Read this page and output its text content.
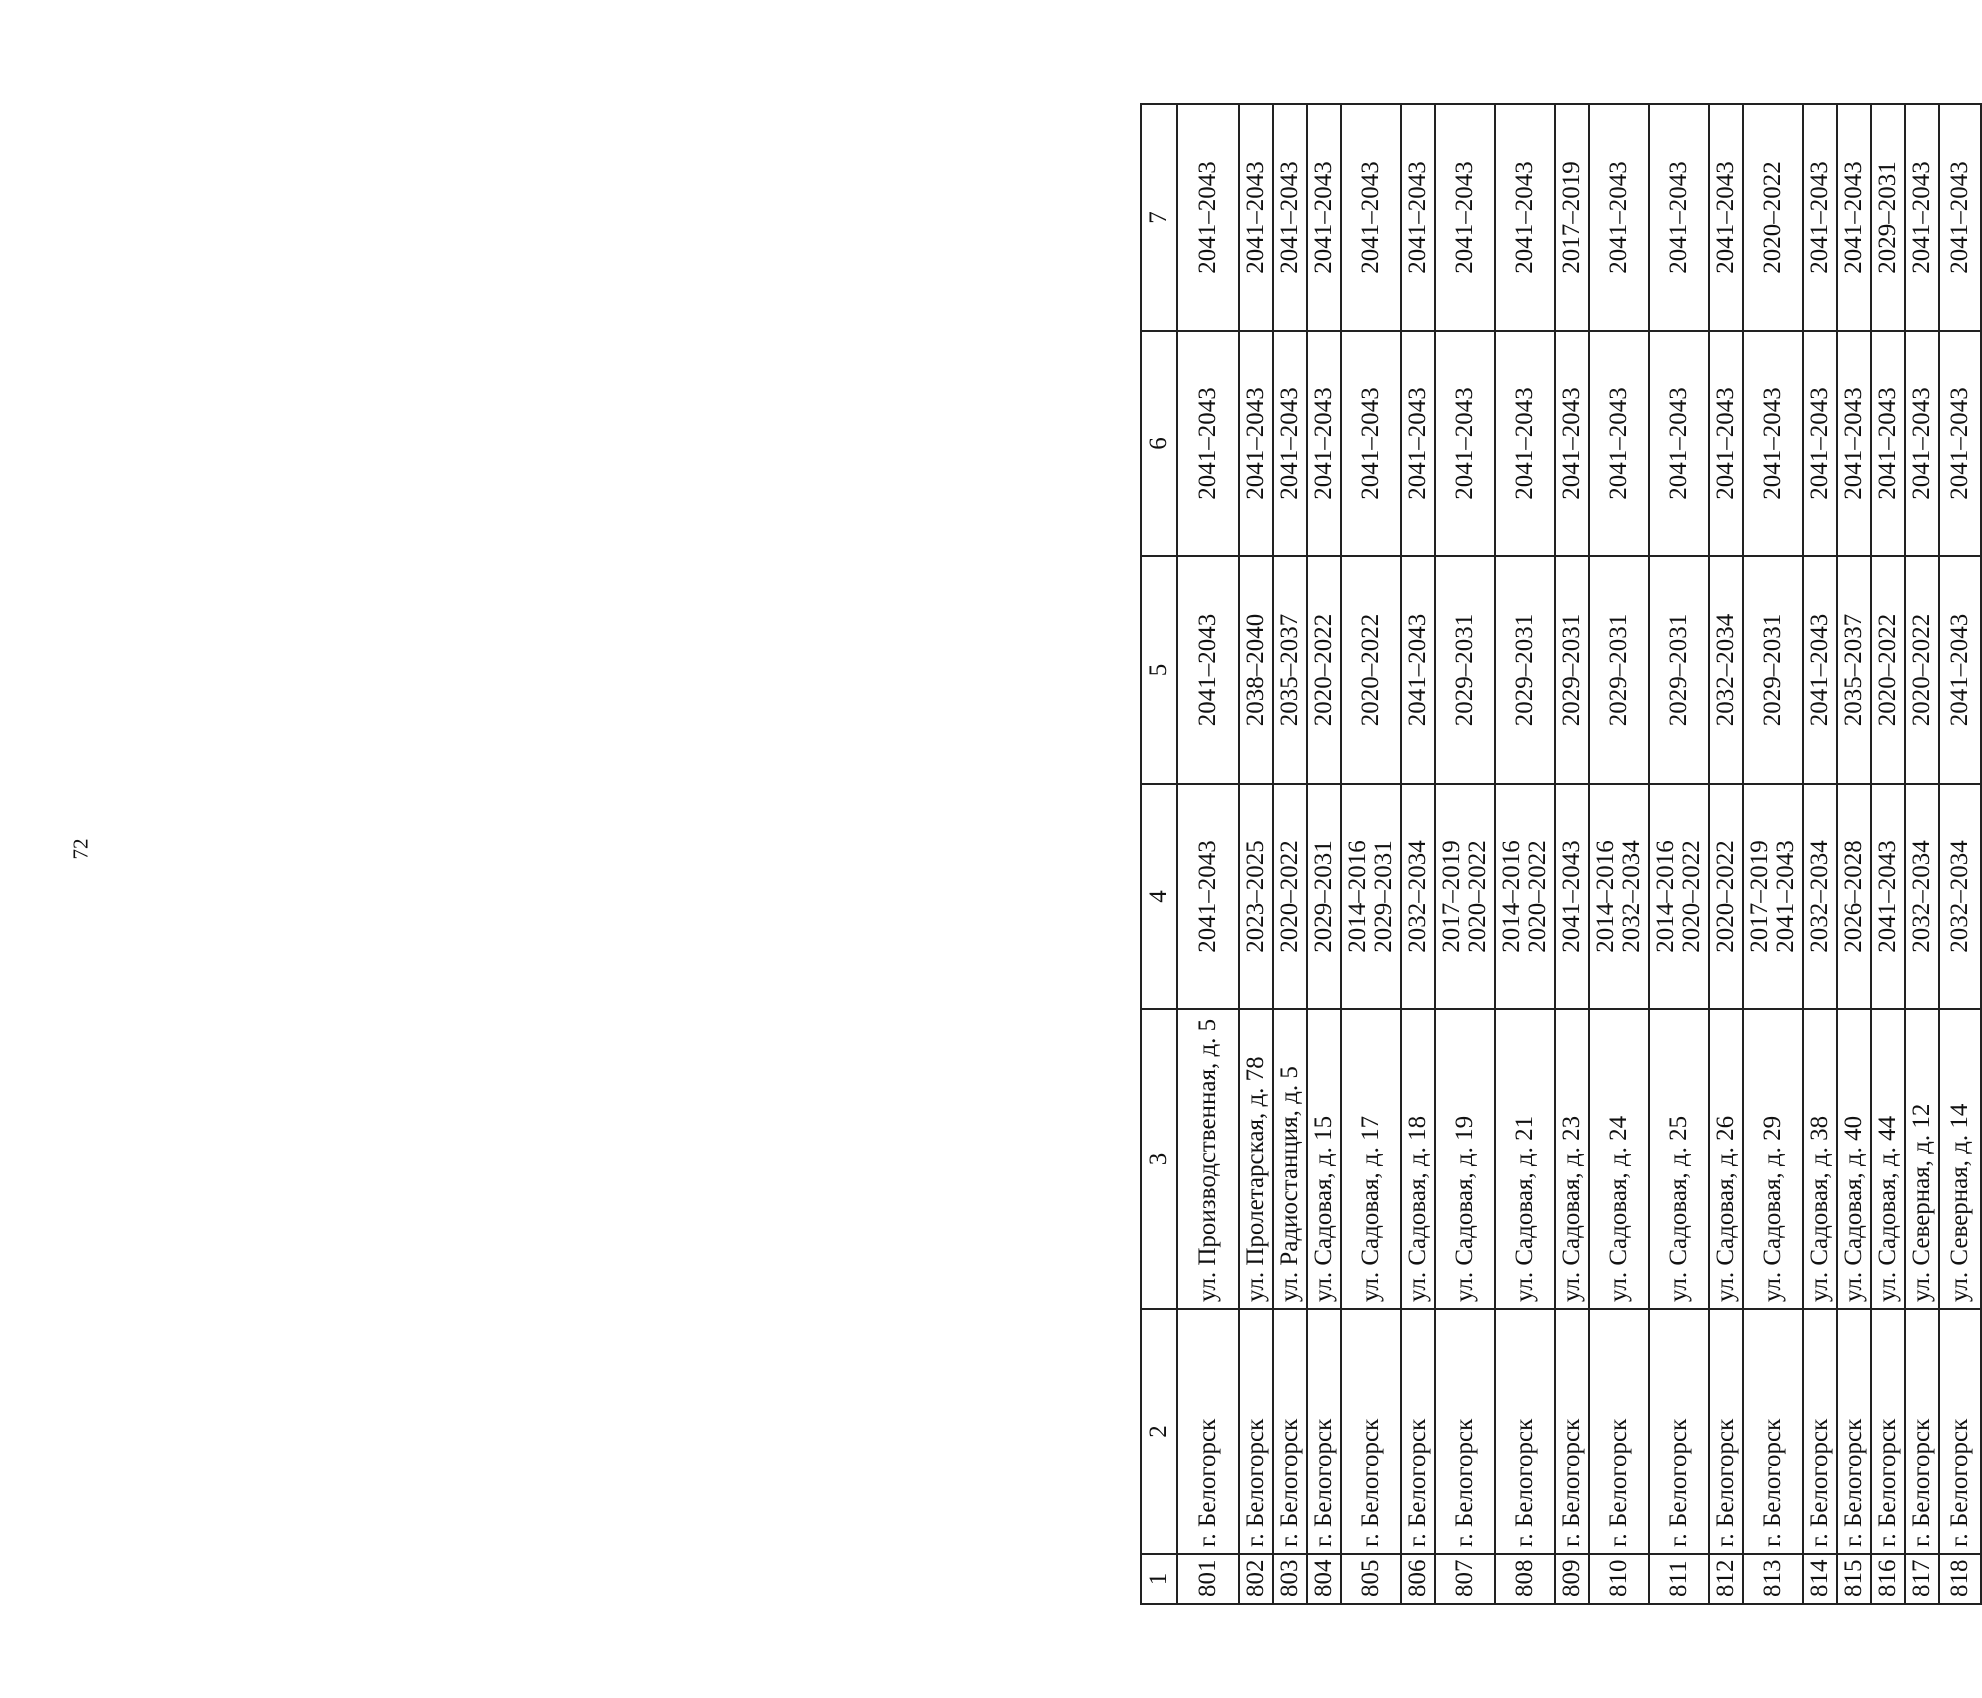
72
1	2	3	4	5	6	7
801	г. Белогорск	ул. Производственная, д. 5	2041–2043	2041–2043	2041–2043	2041–2043
802	г. Белогорск	ул. Пролетарская, д. 78	2023–2025	2038–2040	2041–2043	2041–2043
803	г. Белогорск	ул. Радиостанция, д. 5	2020–2022	2035–2037	2041–2043	2041–2043
804	г. Белогорск	ул. Садовая, д. 15	2029–2031	2020–2022	2041–2043	2041–2043
805	г. Белогорск	ул. Садовая, д. 17	2014–2016
2029–2031	2020–2022	2041–2043	2041–2043
806	г. Белогорск	ул. Садовая, д. 18	2032–2034	2041–2043	2041–2043	2041–2043
807	г. Белогорск	ул. Садовая, д. 19	2017–2019
2020–2022	2029–2031	2041–2043	2041–2043
808	г. Белогорск	ул. Садовая, д. 21	2014–2016
2020–2022	2029–2031	2041–2043	2041–2043
809	г. Белогорск	ул. Садовая, д. 23	2041–2043	2029–2031	2041–2043	2017–2019
810	г. Белогорск	ул. Садовая, д. 24	2014–2016
2032–2034	2029–2031	2041–2043	2041–2043
811	г. Белогорск	ул. Садовая, д. 25	2014–2016
2020–2022	2029–2031	2041–2043	2041–2043
812	г. Белогорск	ул. Садовая, д. 26	2020–2022	2032–2034	2041–2043	2041–2043
813	г. Белогорск	ул. Садовая, д. 29	2017–2019
2041–2043	2029–2031	2041–2043	2020–2022
814	г. Белогорск	ул. Садовая, д. 38	2032–2034	2041–2043	2041–2043	2041–2043
815	г. Белогорск	ул. Садовая, д. 40	2026–2028	2035–2037	2041–2043	2041–2043
816	г. Белогорск	ул. Садовая, д. 44	2041–2043	2020–2022	2041–2043	2029–2031
817	г. Белогорск	ул. Северная, д. 12	2032–2034	2020–2022	2041–2043	2041–2043
818	г. Белогорск	ул. Северная, д. 14	2032–2034	2041–2043	2041–2043	2041–2043
